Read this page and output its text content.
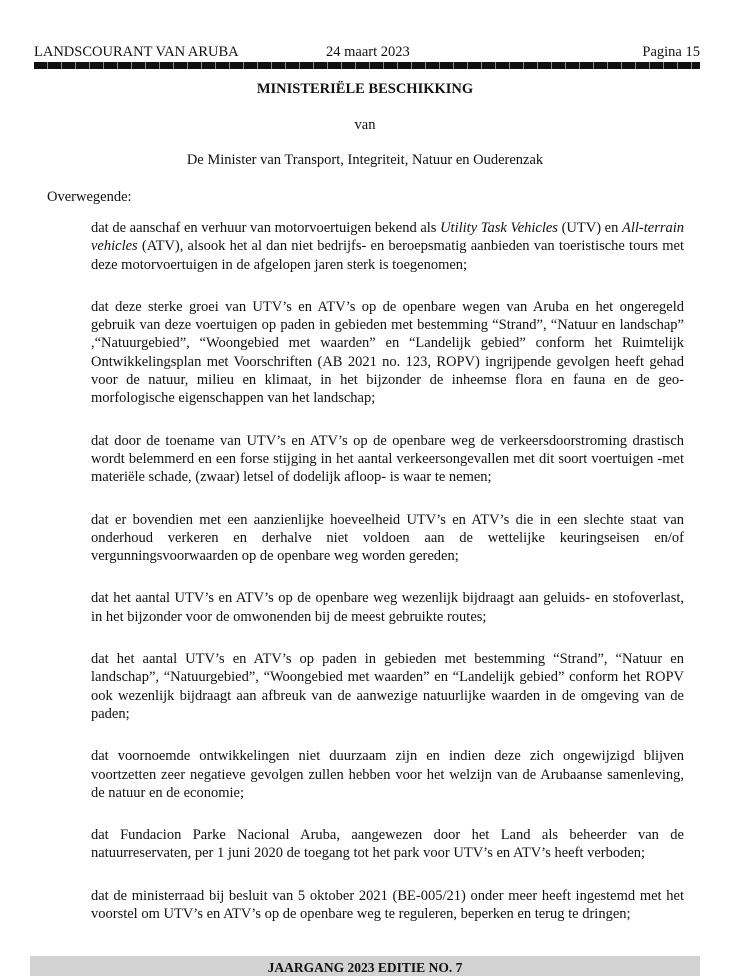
LANDSCOURANT VAN ARUBA	24 maart 2023	Pagina 15
MINISTERIËLE BESCHIKKING
van
De Minister van Transport, Integriteit, Natuur en Ouderenzak
Overwegende:

dat de aanschaf en verhuur van motorvoertuigen bekend als Utility Task Vehicles (UTV) en All-terrain vehicles (ATV), alsook het al dan niet bedrijfs- en beroepsmatig aanbieden van toeristische tours met deze motorvoertuigen in de afgelopen jaren sterk is toegenomen;

dat deze sterke groei van UTV’s en ATV’s op de openbare wegen van Aruba en het ongeregeld gebruik van deze voertuigen op paden in gebieden met bestemming “Strand”, “Natuur en landschap” ,“Natuurgebied”, “Woongebied met waarden” en “Landelijk gebied” conform het Ruimtelijk Ontwikkelingsplan met Voorschriften (AB 2021 no. 123, ROPV) ingrijpende gevolgen heeft gehad voor de natuur, milieu en klimaat, in het bijzonder de inheemse flora en fauna en de geo-morfologische eigenschappen van het landschap;

dat door de toename van UTV’s en ATV’s op de openbare weg de verkeersdoorstroming drastisch wordt belemmerd en een forse stijging in het aantal verkeersongevallen met dit soort voertuigen -met materiële schade, (zwaar) letsel of dodelijk afloop- is waar te nemen;

dat er bovendien met een aanzienlijke hoeveelheid UTV’s en ATV’s die in een slechte staat van onderhoud verkeren en derhalve niet voldoen aan de wettelijke keuringseisen en/of vergunningsvoorwaarden op de openbare weg worden gereden;

dat het aantal UTV’s en ATV’s op de openbare weg wezenlijk bijdraagt aan geluids- en stofoverlast, in het bijzonder voor de omwonenden bij de meest gebruikte routes;

dat het aantal UTV’s en ATV’s op paden in gebieden met bestemming “Strand”, “Natuur en landschap”, “Natuurgebied”, “Woongebied met waarden” en “Landelijk gebied” conform het ROPV ook wezenlijk bijdraagt aan afbreuk van de aanwezige natuurlijke waarden in de omgeving van de paden;

dat voornoemde ontwikkelingen niet duurzaam zijn en indien deze zich ongewijzigd blijven voortzetten zeer negatieve gevolgen zullen hebben voor het welzijn van de Arubaanse samenleving, de natuur en de economie;

dat Fundacion Parke Nacional Aruba, aangewezen door het Land als beheerder van de natuurreservaten, per 1 juni 2020 de toegang tot het park voor UTV’s en ATV’s heeft verboden;

dat de ministerraad bij besluit van 5 oktober 2021 (BE-005/21) onder meer heeft ingestemd met het voorstel om UTV’s en ATV’s op de openbare weg te reguleren, beperken en terug te dringen;

JAARGANG 2023 EDITIE NO. 7
